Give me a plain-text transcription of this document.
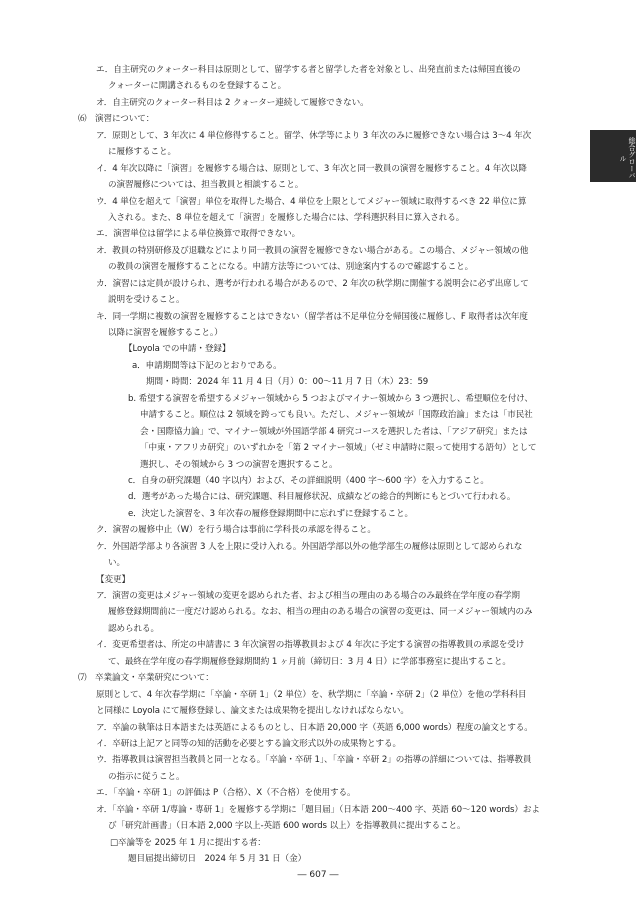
総合グローバル
エ．自主研究のクォーター科目は原則として、留学する者と留学した者を対象とし、出発直前または帰国直後の
クォーターに開講されるものを登録すること。
オ．自主研究のクォーター科目は 2 クォーター連続して履修できない。
⑹　演習について：
ア．原則として、3 年次に 4 単位修得すること。留学、休学等により 3 年次のみに履修できない場合は 3～4 年次
に履修すること。
イ．4 年次以降に「演習」を履修する場合は、原則として、3 年次と同一教員の演習を履修すること。4 年次以降
の演習履修については、担当教員と相談すること。
ウ．4 単位を超えて「演習」単位を取得した場合、4 単位を上限としてメジャー領域に取得するべき 22 単位に算
入される。また、8 単位を超えて「演習」を履修した場合には、学科選択科目に算入される。
エ．演習単位は留学による単位換算で取得できない。
オ．教員の特別研修及び退職などにより同一教員の演習を履修できない場合がある。この場合、メジャー領域の他
の教員の演習を履修することになる。申請方法等については、別途案内するので確認すること。
カ．演習には定員が設けられ、選考が行われる場合があるので、2 年次の秋学期に開催する説明会に必ず出席して
説明を受けること。
キ．同一学期に複数の演習を履修することはできない（留学者は不足単位分を帰国後に履修し、F 取得者は次年度
以降に演習を履修すること。）
【Loyola での申請・登録】
a．申請期間等は下記のとおりである。
期間・時間：2024 年 11 月 4 日（月）0：00～11 月 7 日（木）23：59
b. 希望する演習を希望するメジャー領域から 5 つおよびマイナー領域から 3 つ選択し、希望順位を付け、
申請すること。順位は 2 領域を跨っても良い。ただし、メジャー領域が「国際政治論」または「市民社
会・国際協力論」で、マイナー領域が外国語学部 4 研究コースを選択した者は、「アジア研究」または
「中東・アフリカ研究」のいずれかを「第 2 マイナー領域」（ゼミ申請時に限って使用する語句）として
選択し、その領域から 3 つの演習を選択すること。
c．自身の研究課題（40 字以内）および、その詳細説明（400 字～600 字）を入力すること。
d．選考があった場合には、研究課題、科目履修状況、成績などの総合的判断にもとづいて行われる。
e．決定した演習を、3 年次春の履修登録期間中に忘れずに登録すること。
ク．演習の履修中止（W）を行う場合は事前に学科長の承認を得ること。
ケ．外国語学部より各演習 3 人を上限に受け入れる。外国語学部以外の他学部生の履修は原則として認められな
い。
【変更】
ア．演習の変更はメジャー領域の変更を認められた者、および相当の理由のある場合のみ最終在学年度の春学期
履修登録期間前に一度だけ認められる。なお、相当の理由のある場合の演習の変更は、同一メジャー領域内のみ
認められる。
イ．変更希望者は、所定の申請書に 3 年次演習の指導教員および 4 年次に予定する演習の指導教員の承認を受け
て、最終在学年度の春学期履修登録期間約 1 ヶ月前（締切日：3 月 4 日）に学部事務室に提出すること。
⑺　卒業論文・卒業研究について：
原則として、4 年次春学期に「卒論・卒研 1」（2 単位）を、秋学期に「卒論・卒研 2」（2 単位）を他の学科科目
と同様に Loyola にて履修登録し、論文または成果物を提出しなければならない。
ア．卒論の執筆は日本語または英語によるものとし、日本語 20,000 字（英語 6,000 words）程度の論文とする。
イ．卒研は上記アと同等の知的活動を必要とする論文形式以外の成果物とする。
ウ．指導教員は演習担当教員と同一となる。「卒論・卒研 1」、「卒論・卒研 2」の指導の詳細については、指導教員
の指示に従うこと。
エ．「卒論・卒研 1」の評価は P（合格）、X（不合格）を使用する。
オ．「卒論・卒研 1/専論・専研 1」を履修する学期に「題目届」（日本語 200～400 字、英語 60～120 words）およ
び「研究計画書」（日本語 2,000 字以上-英語 600 words 以上）を指導教員に提出すること。
□卒論等を 2025 年 1 月に提出する者：
題目届提出締切日　2024 年 5 月 31 日（金）
― 607 ―
